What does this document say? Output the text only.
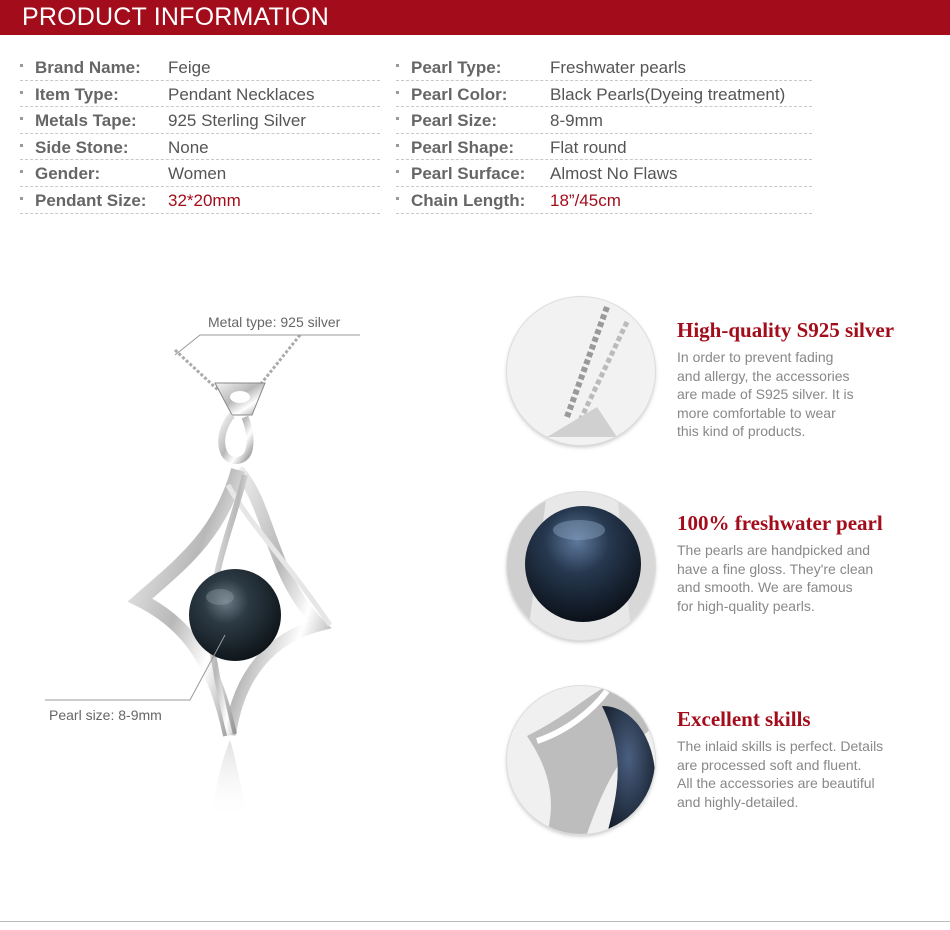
PRODUCT INFORMATION
Brand Name: Feige
Item Type:	Pendant Necklaces
Metals Tape: 925 Sterling Silver
Side Stone: None
Gender:	Women
Pendant Size: 32*20mm
Pearl Type:	Freshwater pearls
Pearl Color:	Black Pearls(Dyeing treatment)
Pearl Size:	8-9mm
Pearl Shape: Flat round
Pearl Surface: Almost No Flaws
Chain Length: 18”/45cm
Metal type: 925 silver
Pearl size: 8-9mm
High-quality S925 silver
In order to prevent fading
and allergy, the accessories
are made of S925 silver. It is
more comfortable to wear
this kind of products.
100% freshwater pearl
The pearls are handpicked and
have a fine gloss. They're clean
and smooth. We are famous
for high-quality pearls.
Excellent skills
The inlaid skills is perfect. Details
are processed soft and fluent.
All the accessories are beautiful
and highly-detailed.
